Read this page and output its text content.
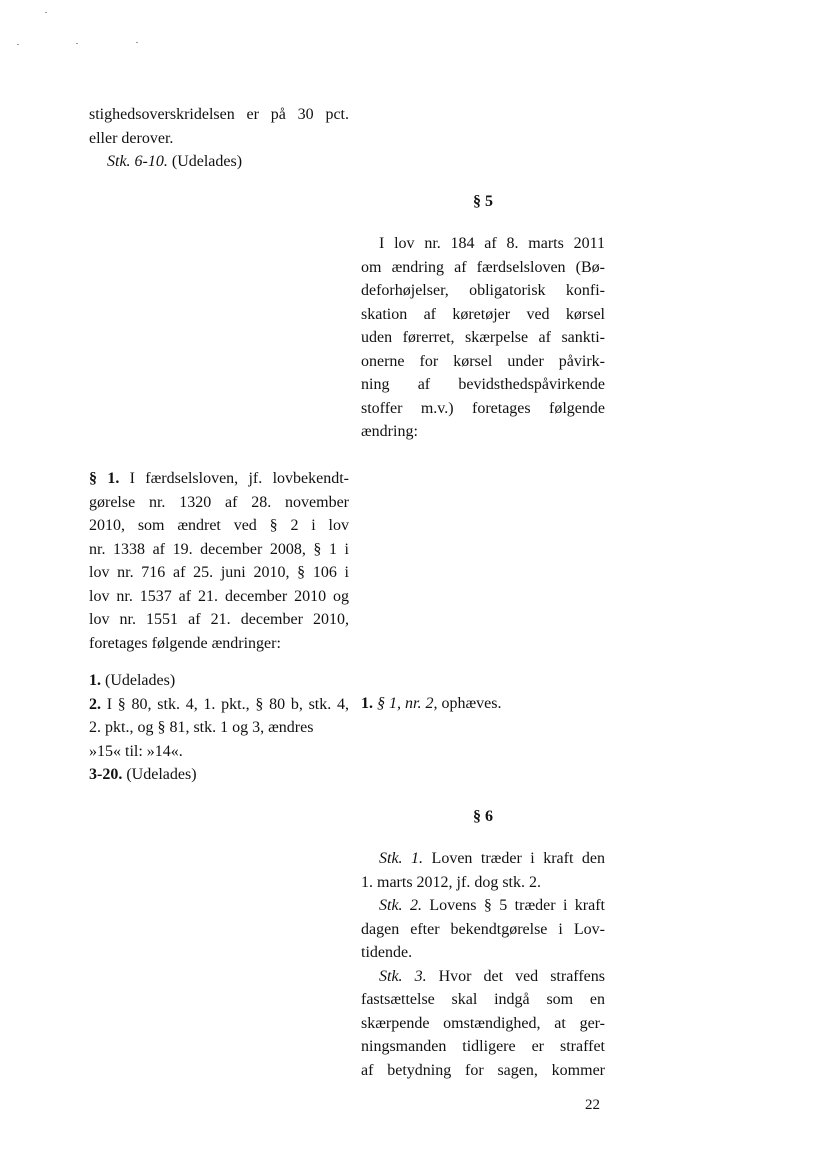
stighedsoverskridelsen er på 30 pct.
eller derover.
Stk. 6-10. (Udelades)
§ 1. I færdselsloven, jf. lovbekendt-
gørelse nr. 1320 af 28. november
2010, som ændret ved § 2 i lov
nr. 1338 af 19. december 2008, § 1 i
lov nr. 716 af 25. juni 2010, § 106 i
lov nr. 1537 af 21. december 2010 og
lov nr. 1551 af 21. december 2010,
foretages følgende ændringer:
1. (Udelades)
2. I § 80, stk. 4, 1. pkt., § 80 b, stk. 4,
2. pkt., og § 81, stk. 1 og 3, ændres
»15« til: »14«.
3-20. (Udelades)
§ 5
I lov nr. 184 af 8. marts 2011
om ændring af færdselsloven (Bø-
deforhøjelser, obligatorisk konfi-
skation af køretøjer ved kørsel
uden førerret, skærpelse af sankti-
onerne for kørsel under påvirk-
ning af bevidsthedspåvirkende
stoffer m.v.) foretages følgende
ændring:
1. § 1, nr. 2, ophæves.
§ 6
Stk. 1. Loven træder i kraft den
1. marts 2012, jf. dog stk. 2.
Stk. 2. Lovens § 5 træder i kraft
dagen efter bekendtgørelse i Lov-
tidende.
Stk. 3. Hvor det ved straffens
fastsættelse skal indgå som en
skærpende omstændighed, at ger-
ningsmanden tidligere er straffet
af betydning for sagen, kommer
22
